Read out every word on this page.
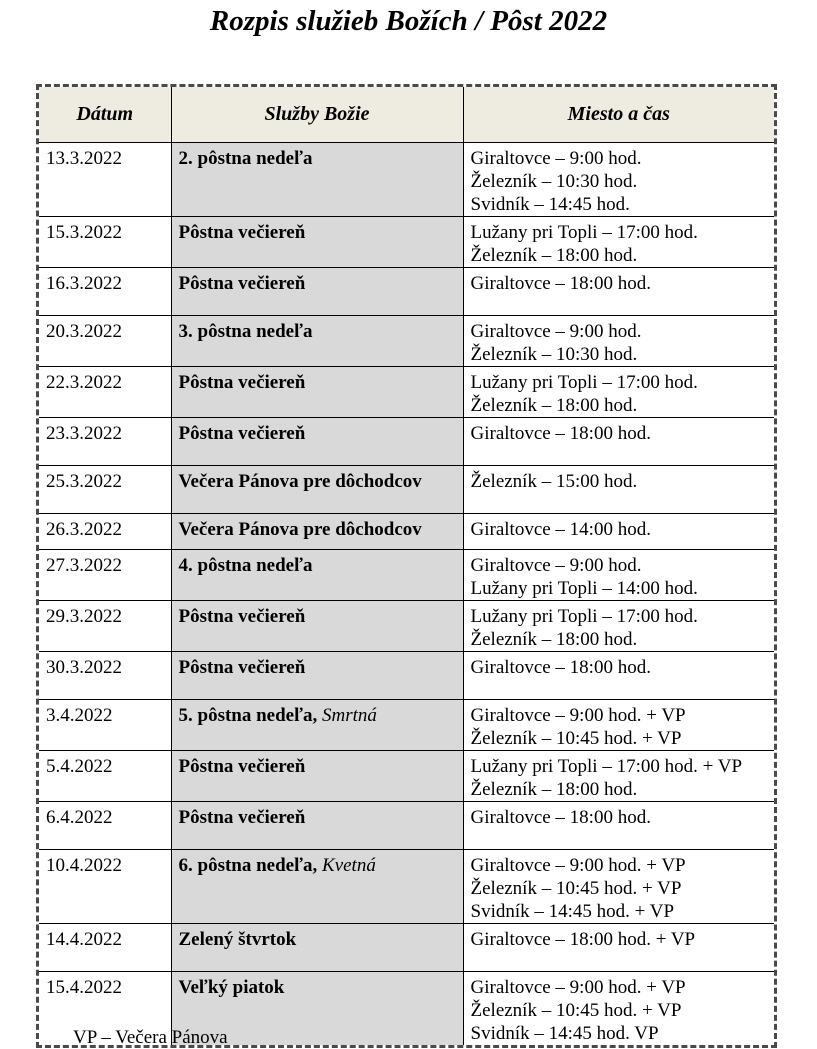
Rozpis služieb Božích / Pôst 2022
Dátum	Služby Božie	Miesto a čas
13.3.2022	2. pôstna nedeľa	Giraltovce – 9:00 hod.
Železník – 10:30 hod.
Svidník – 14:45 hod.

15.3.2022	Pôstna večiereň	Lužany pri Topli – 17:00 hod.
Železník – 18:00 hod.

16.3.2022	Pôstna večiereň	Giraltovce – 18:00 hod.

20.3.2022	3. pôstna nedeľa	Giraltovce – 9:00 hod.
Železník – 10:30 hod.

22.3.2022	Pôstna večiereň	Lužany pri Topli – 17:00 hod.
Železník – 18:00 hod.

23.3.2022	Pôstna večiereň	Giraltovce – 18:00 hod.

25.3.2022	Večera Pánova pre dôchodcov	Železník – 15:00 hod.

26.3.2022	Večera Pánova pre dôchodcov	Giraltovce – 14:00 hod.

27.3.2022	4. pôstna nedeľa	Giraltovce – 9:00 hod.
Lužany pri Topli – 14:00 hod.

29.3.2022	Pôstna večiereň	Lužany pri Topli – 17:00 hod.
Železník – 18:00 hod.

30.3.2022	Pôstna večiereň	Giraltovce – 18:00 hod.

3.4.2022	5. pôstna nedeľa, Smrtná	Giraltovce – 9:00 hod. + VP
Železník – 10:45 hod. + VP

5.4.2022	Pôstna večiereň	Lužany pri Topli – 17:00 hod. + VP
Železník – 18:00 hod.

6.4.2022	Pôstna večiereň	Giraltovce – 18:00 hod.

10.4.2022	6. pôstna nedeľa, Kvetná	Giraltovce – 9:00 hod. + VP
Železník – 10:45 hod. + VP
Svidník – 14:45 hod. + VP

14.4.2022	Zelený štvrtok	Giraltovce – 18:00 hod. + VP

15.4.2022	Veľký piatok	Giraltovce – 9:00 hod. + VP
Železník – 10:45 hod. + VP
Svidník – 14:45 hod. VP
VP – Večera Pánova
